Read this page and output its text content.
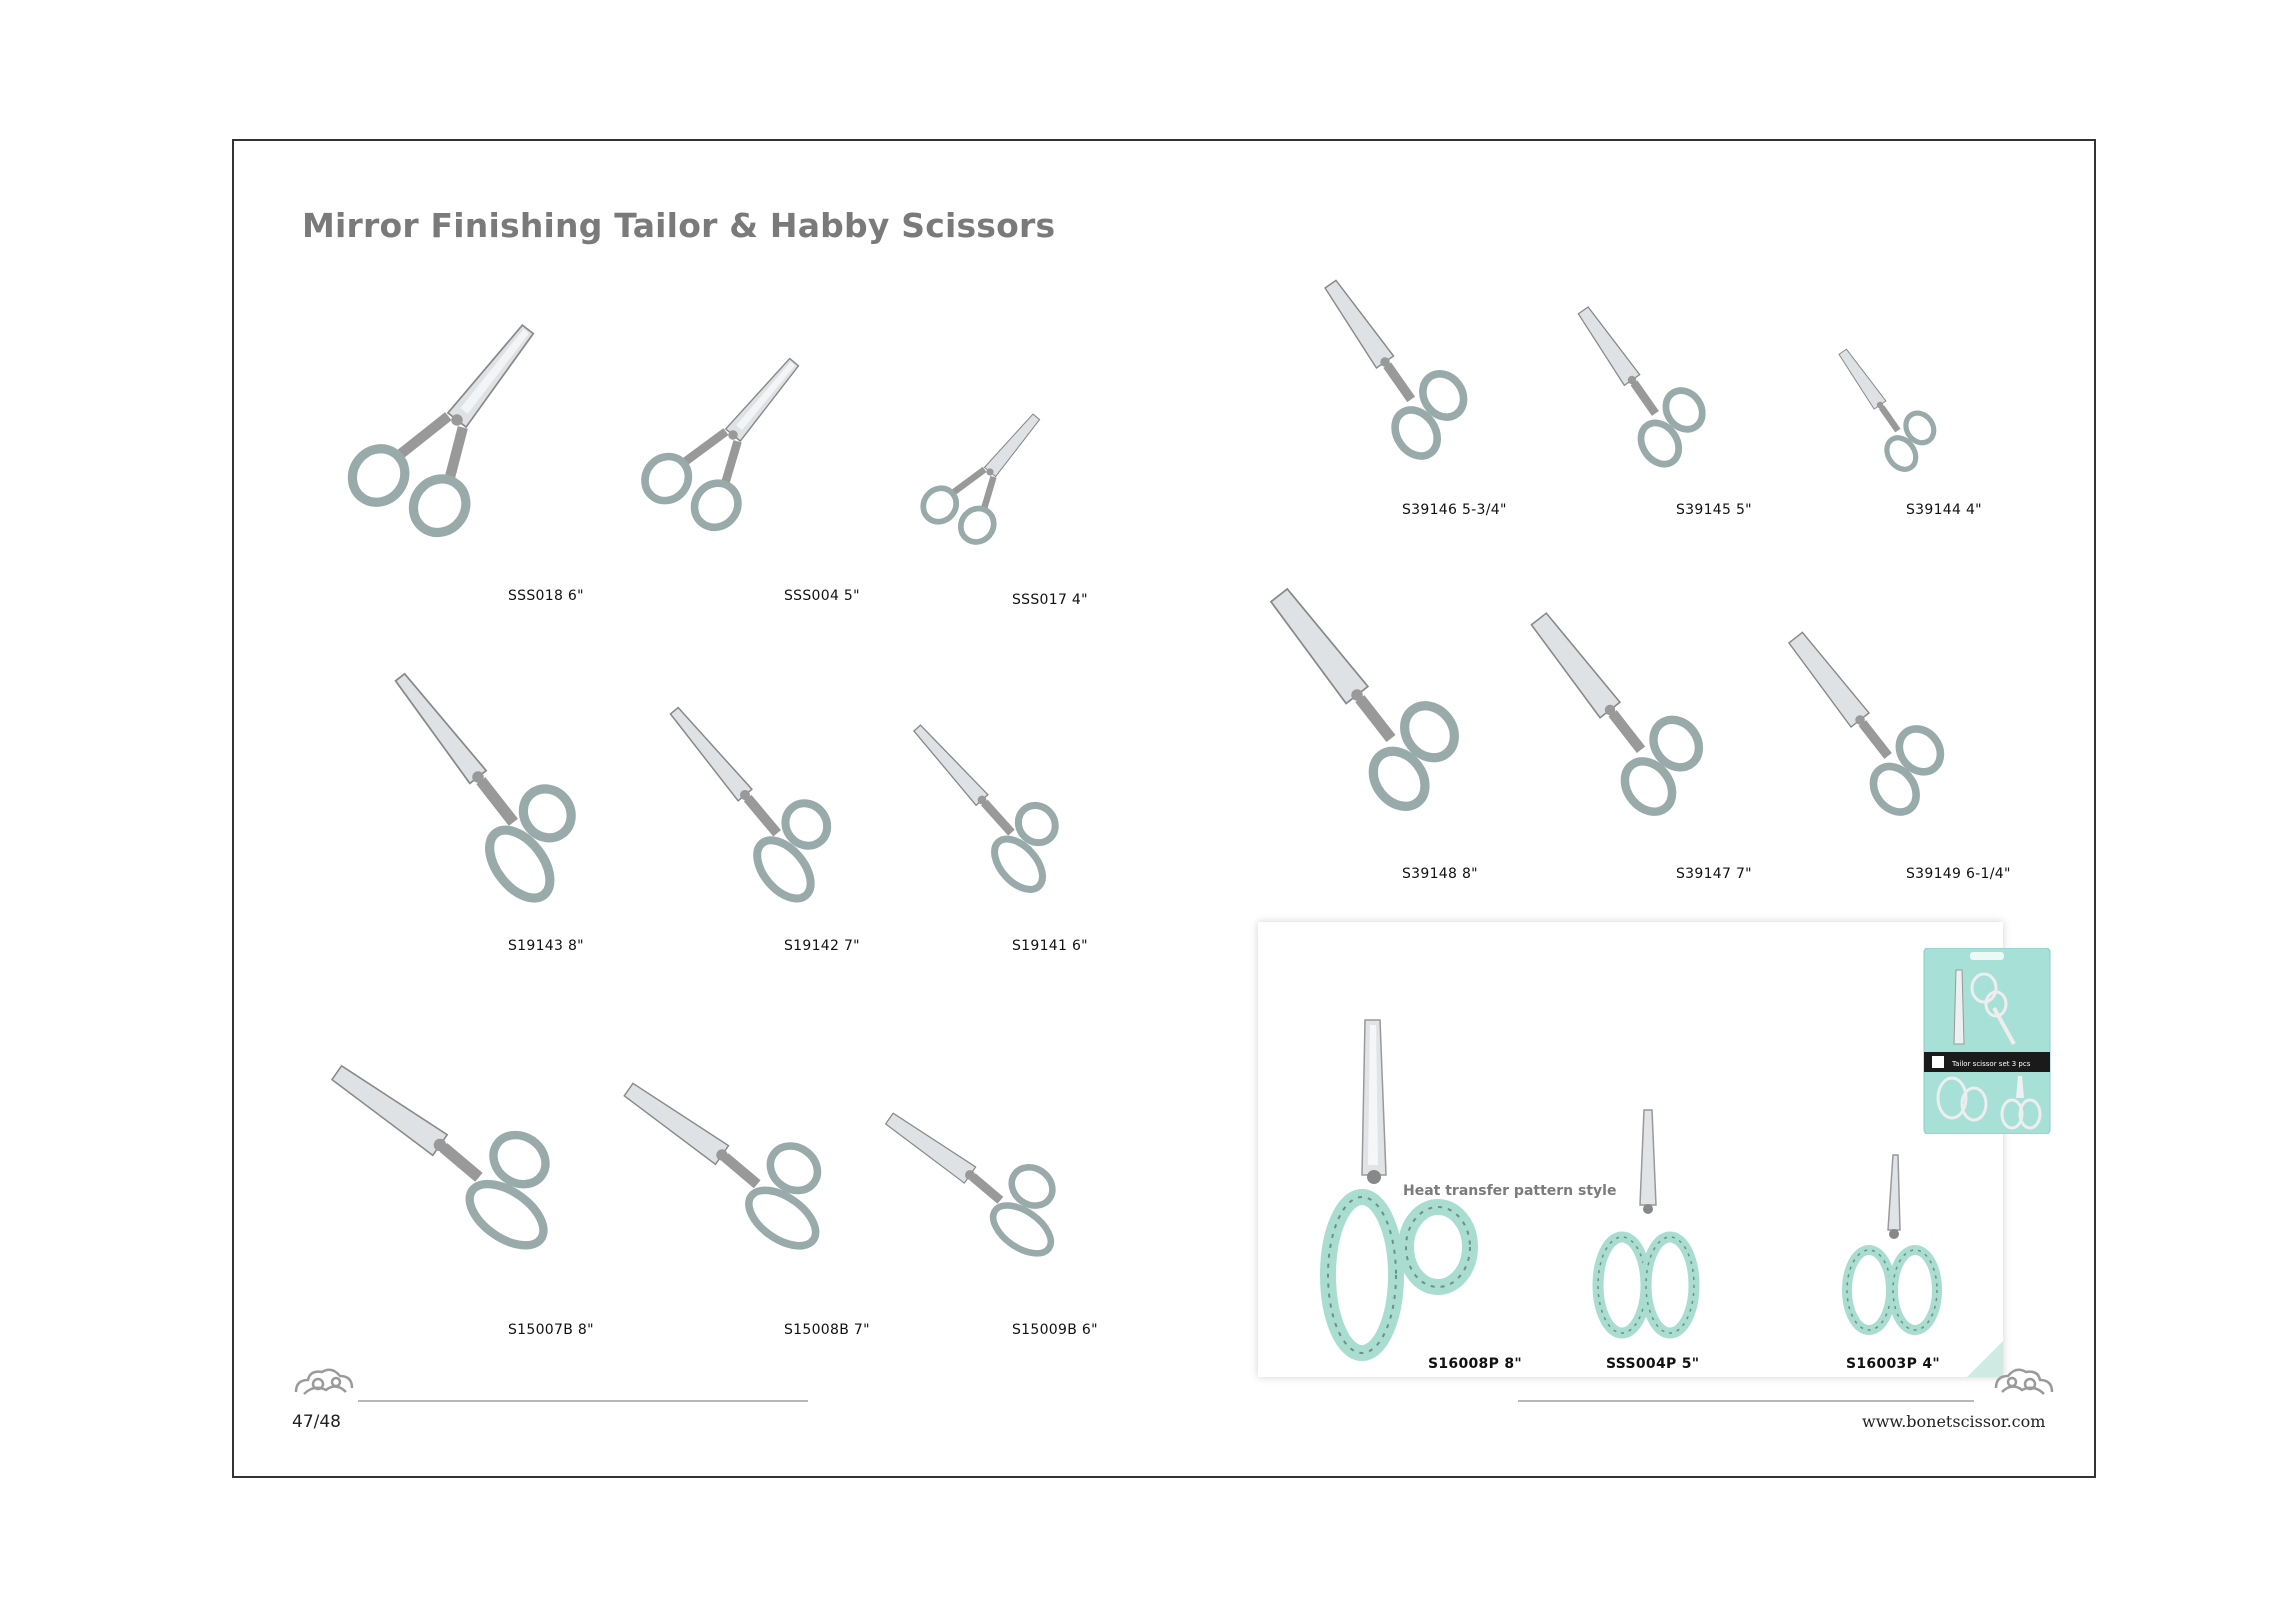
Mirror Finishing Tailor & Habby Scissors
SSS018 6"	SSS004 5"	SSS017 4"
S19143 8"	S19142 7"	S19141 6"
S15007B 8"	S15008B 7"	S15009B 6"
S39146 5-3/4"	S39145 5"	S39144 4"
S39148 8"	S39147 7"	S39149 6-1/4"
Heat transfer pattern style
S16008P 8"	SSS004P 5"	S16003P 4"
Tailor scissor set 3 pcs
47/48	www.bonetscissor.com
